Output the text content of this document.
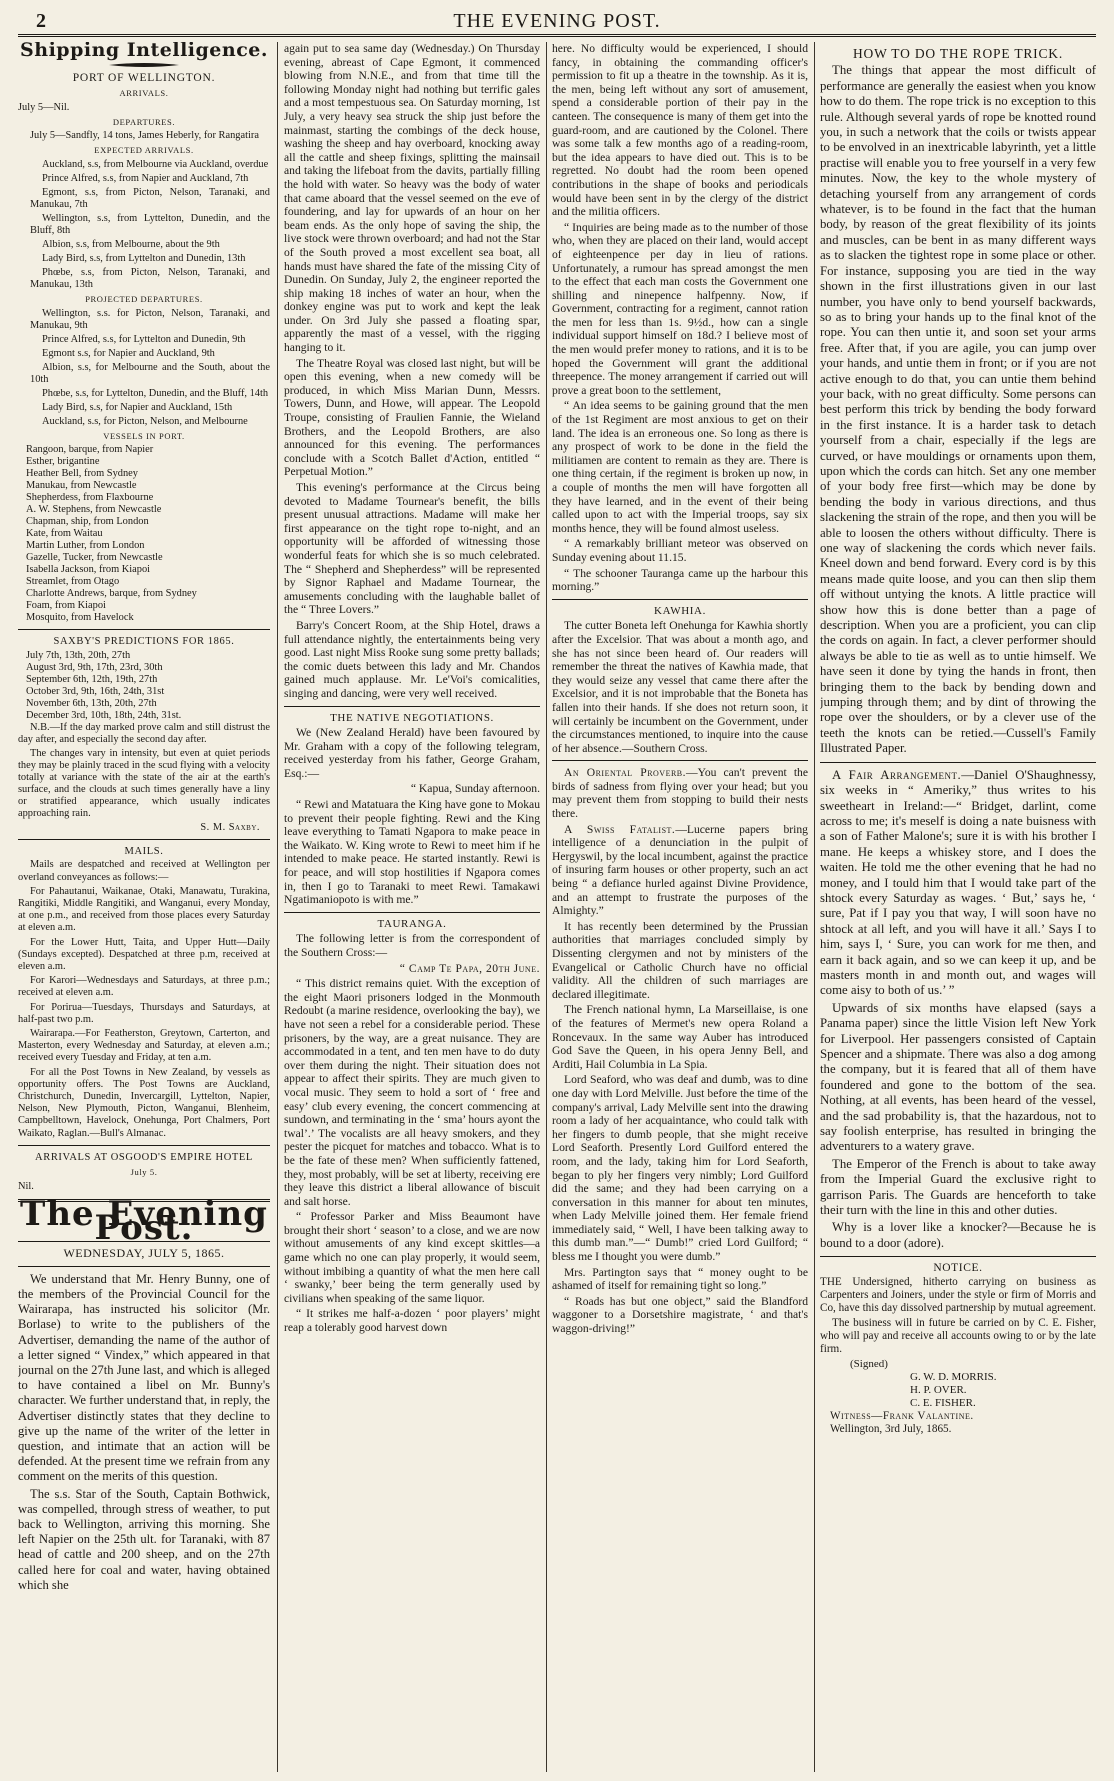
2	THE EVENING POST.
Shipping Intelligence.
PORT OF WELLINGTON.
ARRIVALS.
July 5—Nil.
DEPARTURES.

July 5—Sandfly, 14 tons, James Heberly, for Rangatira

EXPECTED ARRIVALS.

Auckland, s.s, from Melbourne via Auckland, overdue

Prince Alfred, s.s, from Napier and Auckland, 7th

Egmont, s.s, from Picton, Nelson, Taranaki, and Manukau, 7th

Wellington, s.s, from Lyttelton, Dunedin, and the Bluff, 8th

Albion, s.s, from Melbourne, about the 9th

Lady Bird, s.s, from Lyttelton and Dunedin, 13th

Phœbe, s.s, from Picton, Nelson, Taranaki, and Manukau, 13th

PROJECTED DEPARTURES.

Wellington, s.s. for Picton, Nelson, Taranaki, and Manukau, 9th

Prince Alfred, s.s, for Lyttelton and Dunedin, 9th

Egmont s.s, for Napier and Auckland, 9th

Albion, s.s, for Melbourne and the South, about the 10th

Phœbe, s.s, for Lyttelton, Dunedin, and the Bluff, 14th

Lady Bird, s.s, for Napier and Auckland, 15th

Auckland, s.s, for Picton, Nelson, and Melbourne

VESSELS IN PORT.
Rangoon, barque, from Napier
Esther, brigantine
Heather Bell, from Sydney
Manukau, from Newcastle
Shepherdess, from Flaxbourne
A. W. Stephens, from Newcastle
Chapman, ship, from London
Kate, from Waitau
Martin Luther, from London
Gazelle, Tucker, from Newcastle
Isabella Jackson, from Kiapoi
Streamlet, from Otago
Charlotte Andrews, barque, from Sydney
Foam, from Kiapoi
Mosquito, from Havelock
SAXBY'S PREDICTIONS FOR 1865.
July 7th, 13th, 20th, 27th
August 3rd, 9th, 17th, 23rd, 30th
September 6th, 12th, 19th, 27th
October 3rd, 9th, 16th, 24th, 31st
November 6th, 13th, 20th, 27th
December 3rd, 10th, 18th, 24th, 31st.

N.B.—If the day marked prove calm and still distrust the day after, and especially the second day after.

The changes vary in intensity, but even at quiet periods they may be plainly traced in the scud flying with a velocity totally at variance with the state of the air at the earth's surface, and the clouds at such times generally have a liny or stratified appearance, which usually indicates approaching rain.

S. M. Saxby.
MAILS.

Mails are despatched and received at Wellington per overland conveyances as follows:—

For Pahautanui, Waikanae, Otaki, Manawatu, Turakina, Rangitiki, Middle Rangitiki, and Wanganui, every Monday, at one p.m., and received from those places every Saturday at eleven a.m.

For the Lower Hutt, Taita, and Upper Hutt—Daily (Sundays excepted). Despatched at three p.m, received at eleven a.m.

For Karori—Wednesdays and Saturdays, at three p.m.; received at eleven a.m.

For Porirua—Tuesdays, Thursdays and Saturdays, at half-past two p.m.

Wairarapa.—For Featherston, Greytown, Carterton, and Masterton, every Wednesday and Saturday, at eleven a.m.; received every Tuesday and Friday, at ten a.m.

For all the Post Towns in New Zealand, by vessels as opportunity offers. The Post Towns are Auckland, Christchurch, Dunedin, Invercargill, Lyttelton, Napier, Nelson, New Plymouth, Picton, Wanganui, Blenheim, Campbelltown, Havelock, Onehunga, Port Chalmers, Port Waikato, Raglan.—Bull's Almanac.

ARRIVALS AT OSGOOD'S EMPIRE HOTEL
July 5.
Nil.
The Evening Post.
WEDNESDAY, JULY 5, 1865.

We understand that Mr. Henry Bunny, one of the members of the Provincial Council for the Wairarapa, has instructed his solicitor (Mr. Borlase) to write to the publishers of the Advertiser, demanding the name of the author of a letter signed “ Vindex,” which appeared in that journal on the 27th June last, and which is alleged to have contained a libel on Mr. Bunny's character. We further understand that, in reply, the Advertiser distinctly states that they decline to give up the name of the writer of the letter in question, and intimate that an action will be defended. At the present time we refrain from any comment on the merits of this question.

The s.s. Star of the South, Captain Bothwick, was compelled, through stress of weather, to put back to Wellington, arriving this morning. She left Napier on the 25th ult. for Taranaki, with 87 head of cattle and 200 sheep, and on the 27th called here for coal and water, having obtained which she

again put to sea same day (Wednesday.) On Thursday evening, abreast of Cape Egmont, it commenced blowing from N.N.E., and from that time till the following Monday night had nothing but terrific gales and a most tempestuous sea. On Saturday morning, 1st July, a very heavy sea struck the ship just before the mainmast, starting the combings of the deck house, washing the sheep and hay overboard, knocking away all the cattle and sheep fixings, splitting the mainsail and taking the lifeboat from the davits, partially filling the hold with water. So heavy was the body of water that came aboard that the vessel seemed on the eve of foundering, and lay for upwards of an hour on her beam ends. As the only hope of saving the ship, the live stock were thrown overboard; and had not the Star of the South proved a most excellent sea boat, all hands must have shared the fate of the missing City of Dunedin. On Sunday, July 2, the engineer reported the ship making 18 inches of water an hour, when the donkey engine was put to work and kept the leak under. On 3rd July she passed a floating spar, apparently the mast of a vessel, with the rigging hanging to it.

The Theatre Royal was closed last night, but will be open this evening, when a new comedy will be produced, in which Miss Marian Dunn, Messrs. Towers, Dunn, and Howe, will appear. The Leopold Troupe, consisting of Fraulien Fannie, the Wieland Brothers, and the Leopold Brothers, are also announced for this evening. The performances conclude with a Scotch Ballet d'Action, entitled “ Perpetual Motion.”

This evening's performance at the Circus being devoted to Madame Tournear's benefit, the bills present unusual attractions. Madame will make her first appearance on the tight rope to-night, and an opportunity will be afforded of witnessing those wonderful feats for which she is so much celebrated. The “ Shepherd and Shepherdess” will be represented by Signor Raphael and Madame Tournear, the amusements concluding with the laughable ballet of the “ Three Lovers.”

Barry's Concert Room, at the Ship Hotel, draws a full attendance nightly, the entertainments being very good. Last night Miss Rooke sung some pretty ballads; the comic duets between this lady and Mr. Chandos gained much applause. Mr. Le'Voi's comicalities, singing and dancing, were very well received.

THE NATIVE NEGOTIATIONS.

We (New Zealand Herald) have been favoured by Mr. Graham with a copy of the following telegram, received yesterday from his father, George Graham, Esq.:—

“ Kapua, Sunday afternoon.

“ Rewi and Matatuara the King have gone to Mokau to prevent their people fighting. Rewi and the King leave everything to Tamati Ngapora to make peace in the Waikato. W. King wrote to Rewi to meet him if he intended to make peace. He started instantly. Rewi is for peace, and will stop hostilities if Ngapora comes in, then I go to Taranaki to meet Rewi. Tamakawi Ngatimaniopoto is with me.”

TAURANGA.

The following letter is from the correspondent of the Southern Cross:—

“ Camp Te Papa, 20th June.

“ This district remains quiet. With the exception of the eight Maori prisoners lodged in the Monmouth Redoubt (a marine residence, overlooking the bay), we have not seen a rebel for a considerable period. These prisoners, by the way, are a great nuisance. They are accommodated in a tent, and ten men have to do duty over them during the night. Their situation does not appear to affect their spirits. They are much given to vocal music. They seem to hold a sort of ‘ free and easy’ club every evening, the concert commencing at sundown, and terminating in the ‘ sma’ hours ayont the twal’.’ The vocalists are all heavy smokers, and they pester the picquet for matches and tobacco. What is to be the fate of these men? When sufficiently fattened, they, most probably, will be set at liberty, receiving ere they leave this district a liberal allowance of biscuit and salt horse.

“ Professor Parker and Miss Beaumont have brought their short ‘ season’ to a close, and we are now without amusements of any kind except skittles—a game which no one can play properly, it would seem, without imbibing a quantity of what the men here call ‘ swanky,’ beer being the term generally used by civilians when speaking of the same liquor.

“ It strikes me half-a-dozen ‘ poor players’ might reap a tolerably good harvest down

here. No difficulty would be experienced, I should fancy, in obtaining the commanding officer's permission to fit up a theatre in the township. As it is, the men, being left without any sort of amusement, spend a considerable portion of their pay in the canteen. The consequence is many of them get into the guard-room, and are cautioned by the Colonel. There was some talk a few months ago of a reading-room, but the idea appears to have died out. This is to be regretted. No doubt had the room been opened contributions in the shape of books and periodicals would have been sent in by the clergy of the district and the militia officers.

“ Inquiries are being made as to the number of those who, when they are placed on their land, would accept of eighteenpence per day in lieu of rations. Unfortunately, a rumour has spread amongst the men to the effect that each man costs the Government one shilling and ninepence halfpenny. Now, if Government, contracting for a regiment, cannot ration the men for less than 1s. 9½d., how can a single individual support himself on 18d.? I believe most of the men would prefer money to rations, and it is to be hoped the Government will grant the additional threepence. The money arrangement if carried out will prove a great boon to the settlement,

“ An idea seems to be gaining ground that the men of the 1st Regiment are most anxious to get on their land. The idea is an erroneous one. So long as there is any prospect of work to be done in the field the militiamen are content to remain as they are. There is one thing certain, if the regiment is broken up now, in a couple of months the men will have forgotten all they have learned, and in the event of their being called upon to act with the Imperial troops, say six months hence, they will be found almost useless.

“ A remarkably brilliant meteor was observed on Sunday evening about 11.15.

“ The schooner Tauranga came up the harbour this morning.”

KAWHIA.

The cutter Boneta left Onehunga for Kawhia shortly after the Excelsior. That was about a month ago, and she has not since been heard of. Our readers will remember the threat the natives of Kawhia made, that they would seize any vessel that came there after the Excelsior, and it is not improbable that the Boneta has fallen into their hands. If she does not return soon, it will certainly be incumbent on the Government, under the circumstances mentioned, to inquire into the cause of her absence.—Southern Cross.

An Oriental Proverb.—You can't prevent the birds of sadness from flying over your head; but you may prevent them from stopping to build their nests there.

A Swiss Fatalist.—Lucerne papers bring intelligence of a denunciation in the pulpit of Hergyswil, by the local incumbent, against the practice of insuring farm houses or other property, such an act being “ a defiance hurled against Divine Providence, and an attempt to frustrate the purposes of the Almighty.”

It has recently been determined by the Prussian authorities that marriages concluded simply by Dissenting clergymen and not by ministers of the Evangelical or Catholic Church have no official validity. All the children of such marriages are declared illegitimate.

The French national hymn, La Marseillaise, is one of the features of Mermet's new opera Roland a Roncevaux. In the same way Auber has introduced God Save the Queen, in his opera Jenny Bell, and Arditi, Hail Columbia in La Spia.

Lord Seaford, who was deaf and dumb, was to dine one day with Lord Melville. Just before the time of the company's arrival, Lady Melville sent into the drawing room a lady of her acquaintance, who could talk with her fingers to dumb people, that she might receive Lord Seaforth. Presently Lord Guilford entered the room, and the lady, taking him for Lord Seaforth, began to ply her fingers very nimbly; Lord Guilford did the same; and they had been carrying on a conversation in this manner for about ten minutes, when Lady Melville joined them. Her female friend immediately said, “ Well, I have been talking away to this dumb man.”—“ Dumb!” cried Lord Guilford; “ bless me I thought you were dumb.”

Mrs. Partington says that “ money ought to be ashamed of itself for remaining tight so long.”

“ Roads has but one object,” said the Blandford waggoner to a Dorsetshire magistrate, ‘ and that's waggon-driving!”

HOW TO DO THE ROPE TRICK.

The things that appear the most difficult of performance are generally the easiest when you know how to do them. The rope trick is no exception to this rule. Although several yards of rope be knotted round you, in such a network that the coils or twists appear to be envolved in an inextricable labyrinth, yet a little practise will enable you to free yourself in a very few minutes. Now, the key to the whole mystery of detaching yourself from any arrangement of cords whatever, is to be found in the fact that the human body, by reason of the great flexibility of its joints and muscles, can be bent in as many different ways as to slacken the tightest rope in some place or other. For instance, supposing you are tied in the way shown in the first illustrations given in our last number, you have only to bend yourself backwards, so as to bring your hands up to the final knot of the rope. You can then untie it, and soon set your arms free. After that, if you are agile, you can jump over your hands, and untie them in front; or if you are not active enough to do that, you can untie them behind your back, with no great difficulty. Some persons can best perform this trick by bending the body forward in the first instance. It is a harder task to detach yourself from a chair, especially if the legs are curved, or have mouldings or ornaments upon them, upon which the cords can hitch. Set any one member of your body free first—which may be done by bending the body in various directions, and thus slackening the strain of the rope, and then you will be able to loosen the others without difficulty. There is one way of slackening the cords which never fails. Kneel down and bend forward. Every cord is by this means made quite loose, and you can then slip them off without untying the knots. A little practice will show how this is done better than a page of description. When you are a proficient, you can clip the cords on again. In fact, a clever performer should always be able to tie as well as to untie himself. We have seen it done by tying the hands in front, then bringing them to the back by bending down and jumping through them; and by dint of throwing the rope over the shoulders, or by a clever use of the teeth the knots can be retied.—Cussell's Family Illustrated Paper.

A Fair Arrangement.—Daniel O'Shaughnessy, six weeks in “ Ameriky,” thus writes to his sweetheart in Ireland:—“ Bridget, darlint, come across to me; it's meself is doing a nate buisness with a son of Father Malone's; sure it is with his brother I mane. He keeps a whiskey store, and I does the waiten. He told me the other evening that he had no money, and I tould him that I would take part of the shtock every Saturday as wages. ‘ But,’ says he, ‘ sure, Pat if I pay you that way, I will soon have no shtock at all left, and you will have it all.’ Says I to him, says I, ‘ Sure, you can work for me then, and earn it back again, and so we can keep it up, and be masters month in and month out, and wages will come aisy to both of us.’ ”

Upwards of six months have elapsed (says a Panama paper) since the little Vision left New York for Liverpool. Her passengers consisted of Captain Spencer and a shipmate. There was also a dog among the company, but it is feared that all of them have foundered and gone to the bottom of the sea. Nothing, at all events, has been heard of the vessel, and the sad probability is, that the hazardous, not to say foolish enterprise, has resulted in bringing the adventurers to a watery grave.

The Emperor of the French is about to take away from the Imperial Guard the exclusive right to garrison Paris. The Guards are henceforth to take their turn with the line in this and other duties.

Why is a lover like a knocker?—Because he is bound to a door (adore).

NOTICE.

THE Undersigned, hitherto carrying on business as Carpenters and Joiners, under the style or firm of Morris and Co, have this day dissolved partnership by mutual agreement.

The business will in future be carried on by C. E. Fisher, who will pay and receive all accounts owing to or by the late firm.

(Signed)
G. W. D. MORRIS.
H. P. OVER.
C. E. FISHER.
Witness—Frank Valantine.
Wellington, 3rd July, 1865.
